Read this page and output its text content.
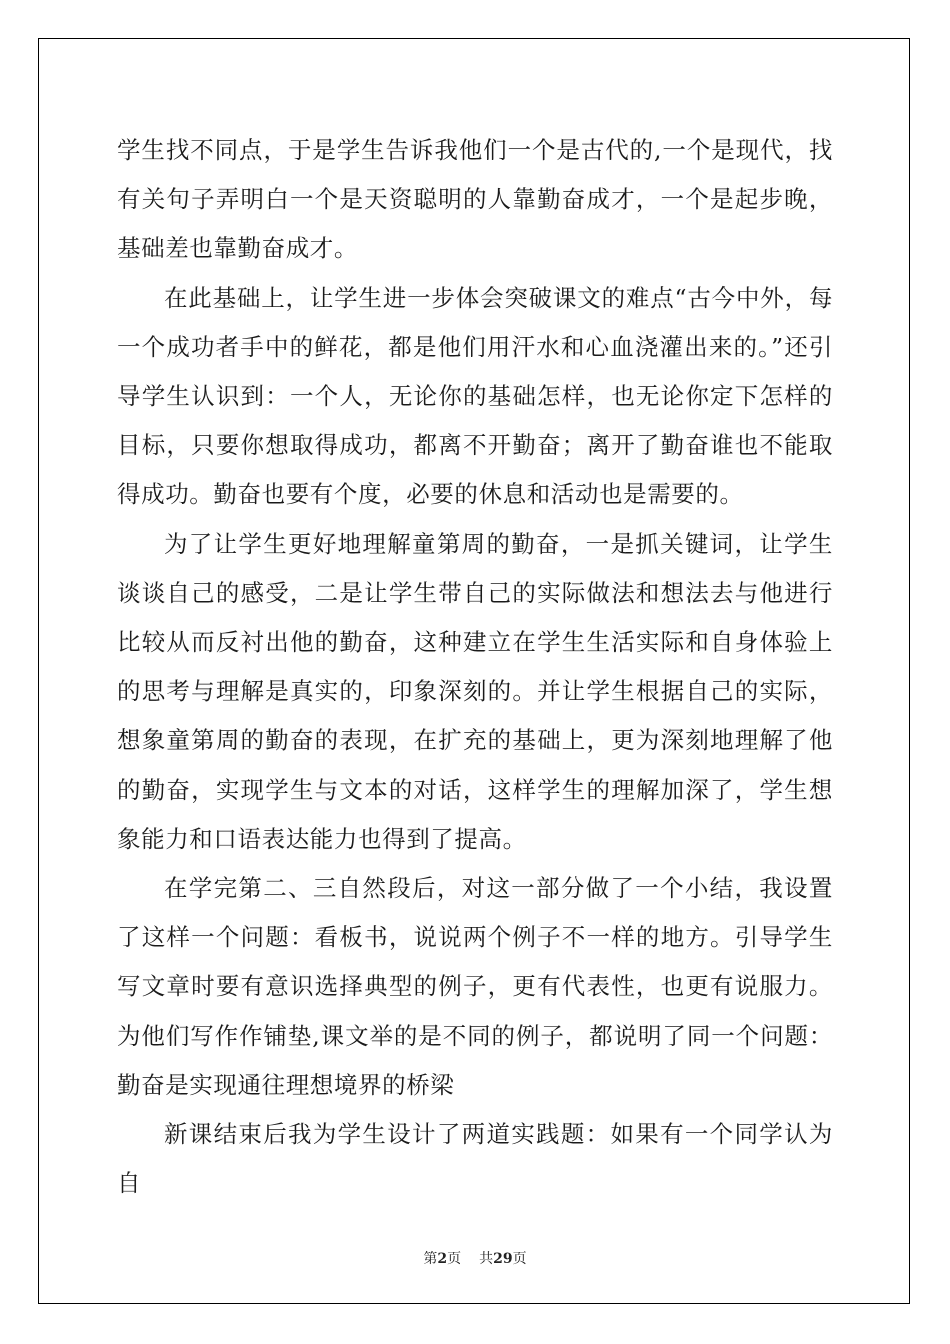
学生找不同点，于是学生告诉我他们一个是古代的,一个是现代，找有关句子弄明白一个是天资聪明的人靠勤奋成才，一个是起步晚，基础差也靠勤奋成才。

在此基础上，让学生进一步体会突破课文的难点“古今中外，每一个成功者手中的鲜花，都是他们用汗水和心血浇灌出来的。”还引导学生认识到：一个人，无论你的基础怎样，也无论你定下怎样的目标，只要你想取得成功，都离不开勤奋；离开了勤奋谁也不能取得成功。勤奋也要有个度，必要的休息和活动也是需要的。

为了让学生更好地理解童第周的勤奋，一是抓关键词，让学生谈谈自己的感受，二是让学生带自己的实际做法和想法去与他进行比较从而反衬出他的勤奋，这种建立在学生生活实际和自身体验上的思考与理解是真实的，印象深刻的。并让学生根据自己的实际，想象童第周的勤奋的表现，在扩充的基础上，更为深刻地理解了他的勤奋，实现学生与文本的对话，这样学生的理解加深了，学生想象能力和口语表达能力也得到了提高。

在学完第二、三自然段后，对这一部分做了一个小结，我设置了这样一个问题：看板书，说说两个例子不一样的地方。引导学生写文章时要有意识选择典型的例子，更有代表性，也更有说服力。为他们写作作铺垫,课文举的是不同的例子，都说明了同一个问题：勤奋是实现通往理想境界的桥梁

新课结束后我为学生设计了两道实践题：如果有一个同学认为自

第2页 共29页
